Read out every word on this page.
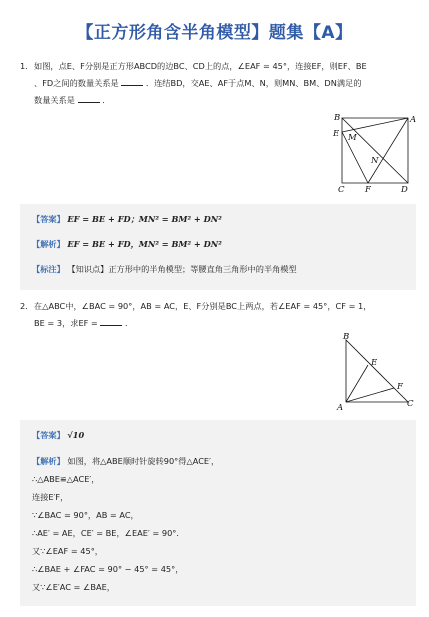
【正方形角含半角模型】题集【A】
1. 如图，点E、F分别是正方形ABCD的边BC、CD上的点，∠EAF = 45°，连接EF，则EF、BE
、FD之间的数量关系是	．连结BD，交AE、AF于点M、N，则MN、BM、DN满足的
数量关系是	．
B	A
E M
N
C F	D
【答案】 EF = BE + FD；MN² = BM² + DN²
【解析】 EF = BE + FD，MN² = BM² + DN²
【标注】 【知识点】正方形中的半角模型；等腰直角三角形中的半角模型
2. 在△ABC中，∠BAC = 90°，AB = AC，E、F分别是BC上两点，若∠EAF = 45°，CF = 1，
BE = 3，求EF =	．
B
E
F
A	C
【答案】 √10
【解析】 如图，将△ABE顺时针旋转90°得△ACE′，
∴△ABE≌△ACE′，
连接E′F，
∵∠BAC = 90°，AB = AC，
∴AE′ = AE，CE′ = BE，∠EAE′ = 90°．
又∵∠EAF = 45°，
∴∠BAE + ∠FAC = 90° − 45° = 45°，
又∵∠E′AC = ∠BAE，
